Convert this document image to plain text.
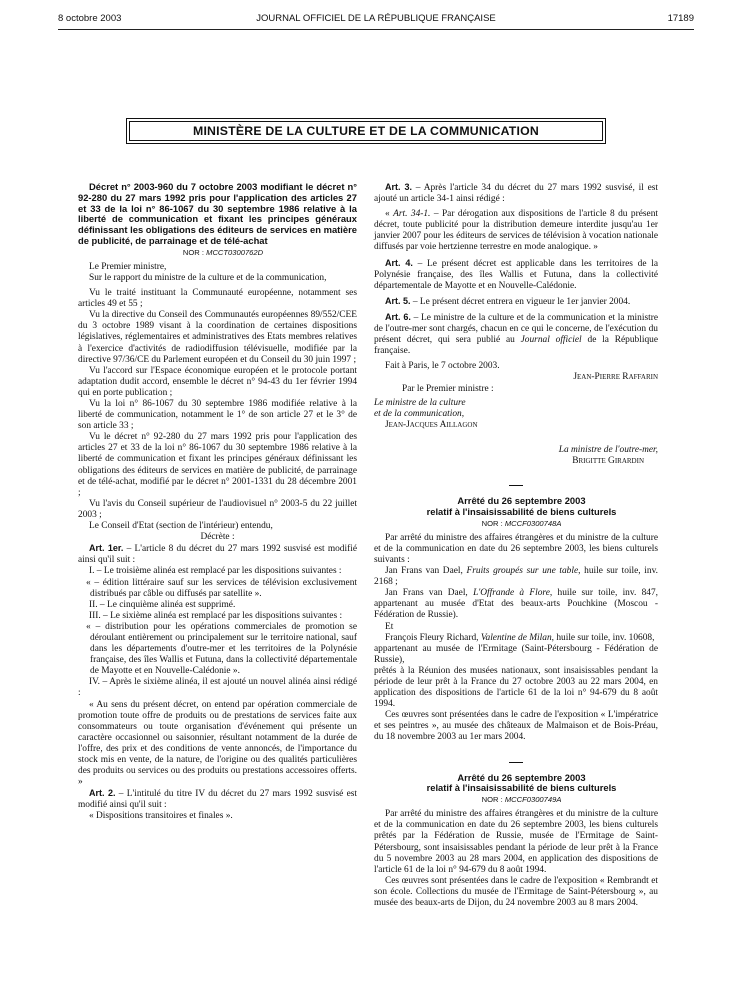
8 octobre 2003	JOURNAL OFFICIEL DE LA RÉPUBLIQUE FRANÇAISE	17189
MINISTÈRE DE LA CULTURE ET DE LA COMMUNICATION

Décret n° 2003-960 du 7 octobre 2003 modifiant le décret n° 92-280 du 27 mars 1992 pris pour l'application des articles 27 et 33 de la loi n° 86-1067 du 30 septembre 1986 relative à la liberté de communication et fixant les principes généraux définissant les obligations des éditeurs de services en matière de publicité, de parrainage et de télé-achat

NOR : MCCT0300762D

Le Premier ministre,

Sur le rapport du ministre de la culture et de la communication,

Vu le traité instituant la Communauté européenne, notamment ses articles 49 et 55 ;

Vu la directive du Conseil des Communautés européennes 89/552/CEE du 3 octobre 1989 visant à la coordination de certaines dispositions législatives, réglementaires et administratives des Etats membres relatives à l'exercice d'activités de radiodiffusion télévisuelle, modifiée par la directive 97/36/CE du Parlement européen et du Conseil du 30 juin 1997 ;

Vu l'accord sur l'Espace économique européen et le protocole portant adaptation dudit accord, ensemble le décret n° 94-43 du 1er février 1994 qui en porte publication ;

Vu la loi n° 86-1067 du 30 septembre 1986 modifiée relative à la liberté de communication, notamment le 1° de son article 27 et le 3° de son article 33 ;

Vu le décret n° 92-280 du 27 mars 1992 pris pour l'application des articles 27 et 33 de la loi n° 86-1067 du 30 septembre 1986 relative à la liberté de communication et fixant les principes généraux définissant les obligations des éditeurs de services en matière de publicité, de parrainage et de télé-achat, modifié par le décret n° 2001-1331 du 28 décembre 2001 ;

Vu l'avis du Conseil supérieur de l'audiovisuel n° 2003-5 du 22 juillet 2003 ;

Le Conseil d'Etat (section de l'intérieur) entendu,

Décrète :

Art. 1er. – L'article 8 du décret du 27 mars 1992 susvisé est modifié ainsi qu'il suit :

I. – Le troisième alinéa est remplacé par les dispositions suivantes :

« – édition littéraire sauf sur les services de télévision exclusivement distribués par câble ou diffusés par satellite ».

II. – Le cinquième alinéa est supprimé.

III. – Le sixième alinéa est remplacé par les dispositions suivantes :

« – distribution pour les opérations commerciales de promotion se déroulant entièrement ou principalement sur le territoire national, sauf dans les départements d'outre-mer et les territoires de la Polynésie française, des îles Wallis et Futuna, dans la collectivité départementale de Mayotte et en Nouvelle-Calédonie ».

IV. – Après le sixième alinéa, il est ajouté un nouvel alinéa ainsi rédigé :

« Au sens du présent décret, on entend par opération commerciale de promotion toute offre de produits ou de prestations de services faite aux consommateurs ou toute organisation d'événement qui présente un caractère occasionnel ou saisonnier, résultant notamment de la durée de l'offre, des prix et des conditions de vente annoncés, de l'importance du stock mis en vente, de la nature, de l'origine ou des qualités particulières des produits ou services ou des produits ou prestations accessoires offerts. »

Art. 2. – L'intitulé du titre IV du décret du 27 mars 1992 susvisé est modifié ainsi qu'il suit :

« Dispositions transitoires et finales ».

Art. 3. – Après l'article 34 du décret du 27 mars 1992 susvisé, il est ajouté un article 34-1 ainsi rédigé :

« Art. 34-1. – Par dérogation aux dispositions de l'article 8 du présent décret, toute publicité pour la distribution demeure interdite jusqu'au 1er janvier 2007 pour les éditeurs de services de télévision à vocation nationale diffusés par voie hertzienne terrestre en mode analogique. »

Art. 4. – Le présent décret est applicable dans les territoires de la Polynésie française, des îles Wallis et Futuna, dans la collectivité départementale de Mayotte et en Nouvelle-Calédonie.

Art. 5. – Le présent décret entrera en vigueur le 1er janvier 2004.

Art. 6. – Le ministre de la culture et de la communication et la ministre de l'outre-mer sont chargés, chacun en ce qui le concerne, de l'exécution du présent décret, qui sera publié au Journal officiel de la République française.

Fait à Paris, le 7 octobre 2003.

Jean-Pierre Raffarin

Par le Premier ministre :

Le ministre de la culture

et de la communication,

Jean-Jacques Aillagon

La ministre de l'outre-mer,

Brigitte Girardin

Arrêté du 26 septembre 2003

relatif à l'insaisissabilité de biens culturels

NOR : MCCF0300748A

Par arrêté du ministre des affaires étrangères et du ministre de la culture et de la communication en date du 26 septembre 2003, les biens culturels suivants :

Jan Frans van Dael, Fruits groupés sur une table, huile sur toile, inv. 2168 ;

Jan Frans van Dael, L'Offrande à Flore, huile sur toile, inv. 847, appartenant au musée d'Etat des beaux-arts Pouchkine (Moscou - Fédération de Russie).

Et

François Fleury Richard, Valentine de Milan, huile sur toile, inv. 10608,

appartenant au musée de l'Ermitage (Saint-Pétersbourg - Fédération de Russie),

prêtés à la Réunion des musées nationaux, sont insaisissables pendant la période de leur prêt à la France du 27 octobre 2003 au 22 mars 2004, en application des dispositions de l'article 61 de la loi n° 94-679 du 8 août 1994.

Ces œuvres sont présentées dans le cadre de l'exposition « L'impératrice et ses peintres », au musée des châteaux de Malmaison et de Bois-Préau, du 18 novembre 2003 au 1er mars 2004.

Arrêté du 26 septembre 2003

relatif à l'insaisissabilité de biens culturels

NOR : MCCF0300749A

Par arrêté du ministre des affaires étrangères et du ministre de la culture et de la communication en date du 26 septembre 2003, les biens culturels prêtés par la Fédération de Russie, musée de l'Ermitage de Saint-Pétersbourg, sont insaisissables pendant la période de leur prêt à la France du 5 novembre 2003 au 28 mars 2004, en application des dispositions de l'article 61 de la loi n° 94-679 du 8 août 1994.

Ces œuvres sont présentées dans le cadre de l'exposition « Rembrandt et son école. Collections du musée de l'Ermitage de Saint-Pétersbourg », au musée des beaux-arts de Dijon, du 24 novembre 2003 au 8 mars 2004.
